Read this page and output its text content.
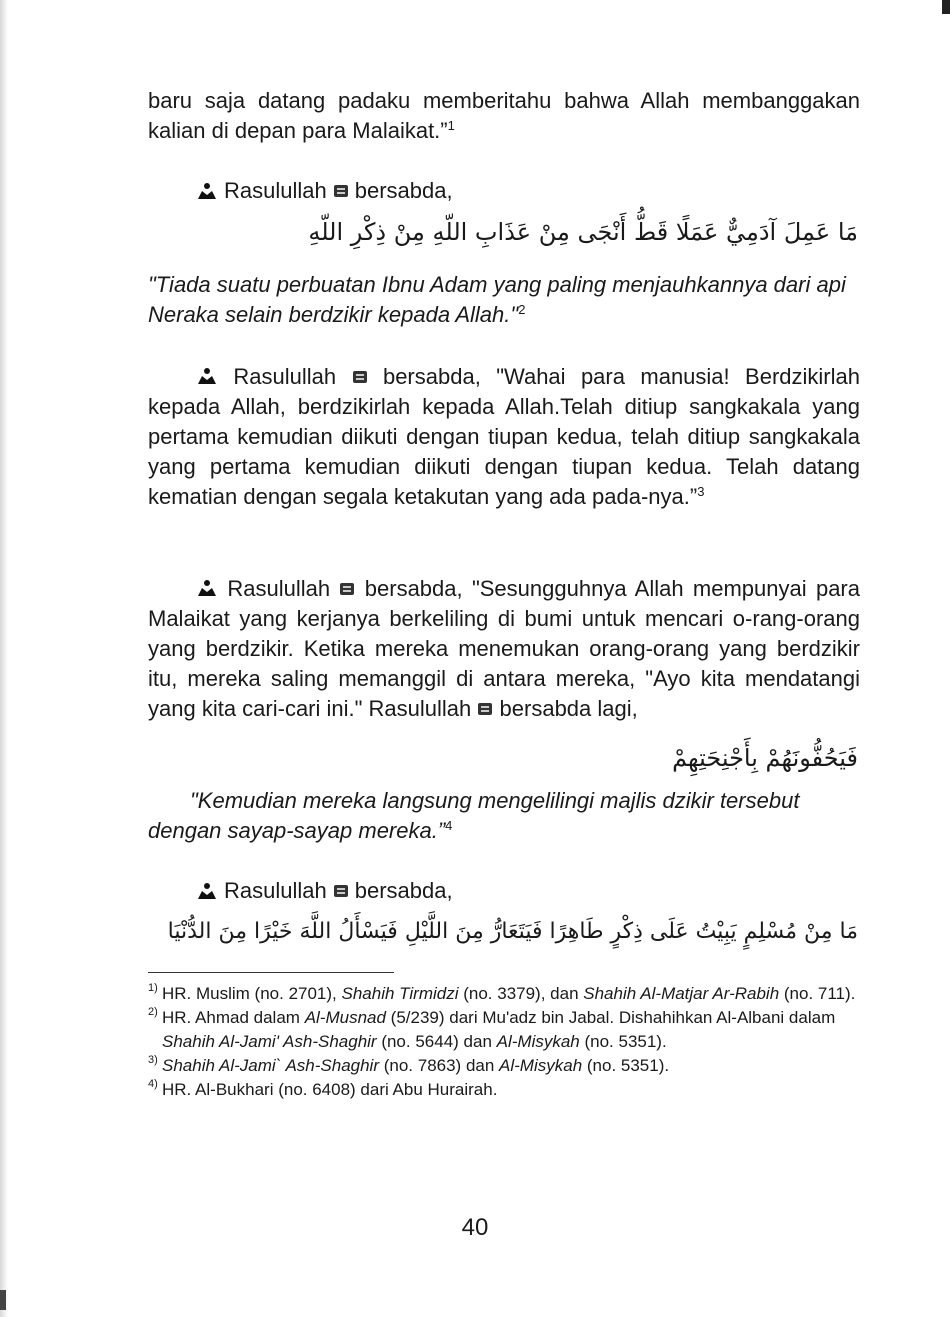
baru saja datang padaku memberitahu bahwa Allah membanggakan kalian di depan para Malaikat.”$^1$

Rasulullah bersabda,
مَا عَمِلَ آدَمِيٌّ عَمَلًا قَطُّ أَنْجَى مِنْ عَذَابِ اللّهِ مِنْ ذِكْرِ اللّهِ

"Tiada suatu perbuatan Ibnu Adam yang paling menjauhkannya dari api Neraka selain berdzikir kepada Allah."$^2$

Rasulullah bersabda, "Wahai para manusia! Berdzikirlah kepada Allah, berdzikirlah kepada Allah.Telah ditiup sangkakala yang pertama kemudian diikuti dengan tiupan kedua, telah ditiup sangkakala yang pertama kemudian diikuti dengan tiupan kedua. Telah datang kematian dengan segala ketakutan yang ada pada-nya.”$^3$

Rasulullah bersabda, "Sesungguhnya Allah mempunyai para Malaikat yang kerjanya berkeliling di bumi untuk mencari o-rang-orang yang berdzikir. Ketika mereka menemukan orang-orang yang berdzikir itu, mereka saling memanggil di antara mereka, "Ayo kita mendatangi yang kita cari-cari ini." Rasulullah bersabda lagi,

فَيَحُفُّونَهُمْ بِأَجْنِحَتِهِمْ

"Kemudian mereka langsung mengelilingi majlis dzikir tersebut dengan sayap-sayap mereka.”$^4$

Rasulullah bersabda,
مَا مِنْ مُسْلِمٍ يَبِيْتُ عَلَى ذِكْرٍ طَاهِرًا فَيَتَعَارُّ مِنَ اللَّيْلِ فَيَسْأَلُ اللَّهَ خَيْرًا مِنَ الدُّنْيَا
1) HR. Muslim (no. 2701), Shahih Tirmidzi (no. 3379), dan Shahih Al-Matjar Ar-Rabih (no. 711).
2) HR. Ahmad dalam Al-Musnad (5/239) dari Mu'adz bin Jabal. Dishahihkan Al-Albani dalam Shahih Al-Jami' Ash-Shaghir (no. 5644) dan Al-Misykah (no. 5351).
3) Shahih Al-Jami` Ash-Shaghir (no. 7863) dan Al-Misykah (no. 5351).
4) HR. Al-Bukhari (no. 6408) dari Abu Hurairah.
40
